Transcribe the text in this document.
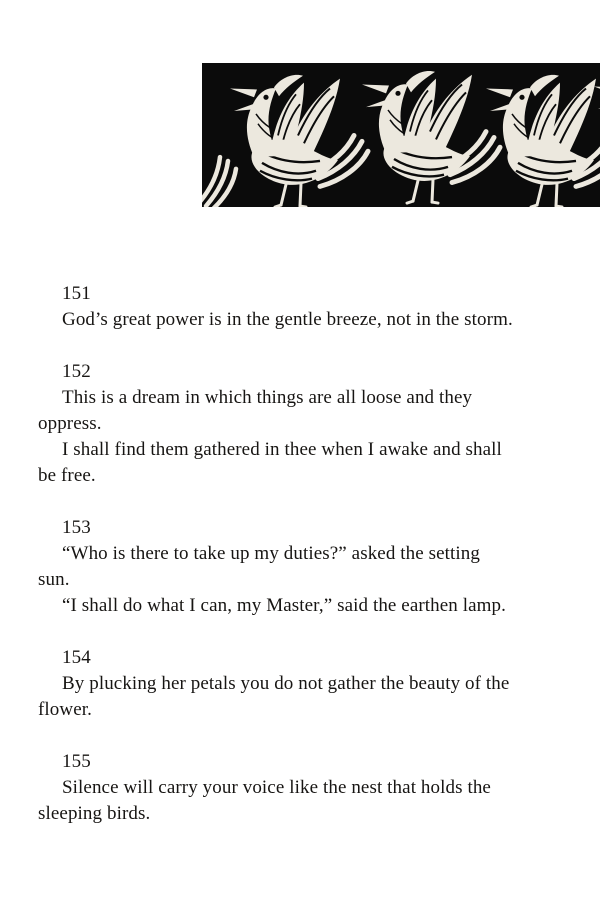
151
God’s great power is in the gentle breeze, not in the storm.
152
This is a dream in which things are all loose and they
oppress.
I shall find them gathered in thee when I awake and shall
be free.
153
“Who is there to take up my duties?” asked the setting
sun.
“I shall do what I can, my Master,” said the earthen lamp.
154
By plucking her petals you do not gather the beauty of the
flower.
155
Silence will carry your voice like the nest that holds the
sleeping birds.
